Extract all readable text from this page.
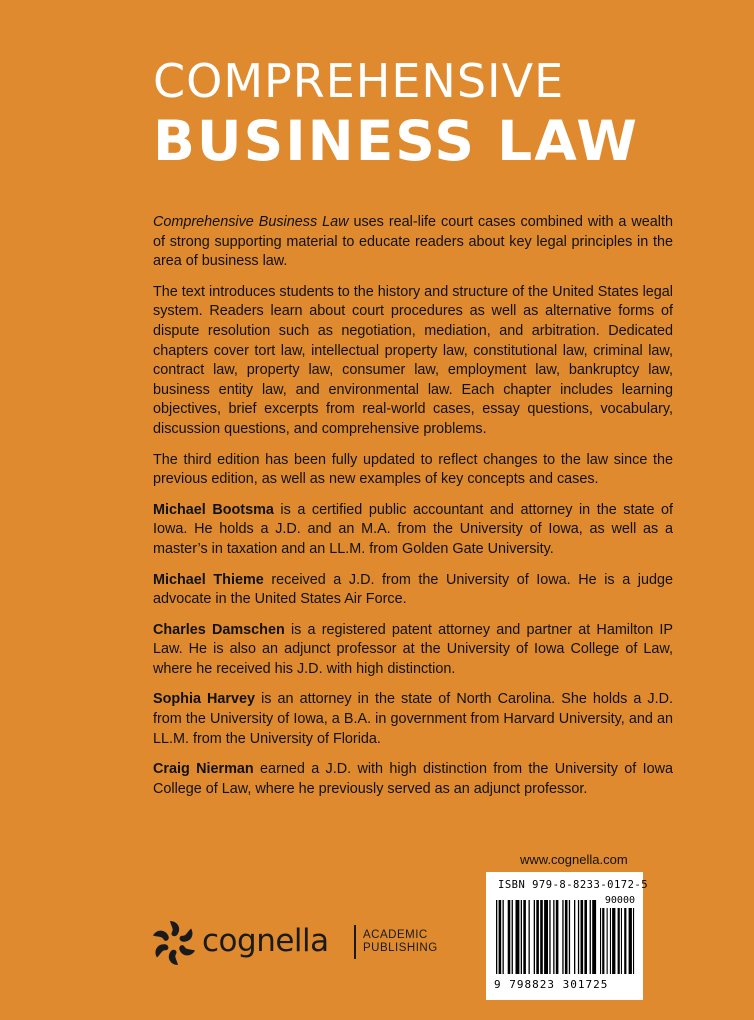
COMPREHENSIVE
BUSINESS LAW

Comprehensive Business Law uses real-life court cases combined with a wealth of strong supporting material to educate readers about key legal principles in the area of business law.

The text introduces students to the history and structure of the United States legal system. Readers learn about court procedures as well as alternative forms of dispute resolution such as negotiation, mediation, and arbitration. Dedicated chapters cover tort law, intellectual property law, constitutional law, criminal law, contract law, property law, consumer law, employment law, bankruptcy law, business entity law, and environmental law. Each chapter includes learning objectives, brief excerpts from real-world cases, essay questions, vocabulary, discussion questions, and comprehensive problems.

The third edition has been fully updated to reflect changes to the law since the previous edition, as well as new examples of key concepts and cases.

Michael Bootsma is a certified public accountant and attorney in the state of Iowa. He holds a J.D. and an M.A. from the University of Iowa, as well as a master’s in taxation and an LL.M. from Golden Gate University.

Michael Thieme received a J.D. from the University of Iowa. He is a judge advocate in the United States Air Force.

Charles Damschen is a registered patent attorney and partner at Hamilton IP Law. He is also an adjunct professor at the University of Iowa College of Law, where he received his J.D. with high distinction.

Sophia Harvey is an attorney in the state of North Carolina. She holds a J.D. from the University of Iowa, a B.A. in government from Harvard University, and an LL.M. from the University of Florida.

Craig Nierman earned a J.D. with high distinction from the University of Iowa College of Law, where he previously served as an adjunct professor.

cognella	ACADEMIC
PUBLISHING
www.cognella.com
ISBN 979-8-8233-0172-5
90000
9 798823 301725
